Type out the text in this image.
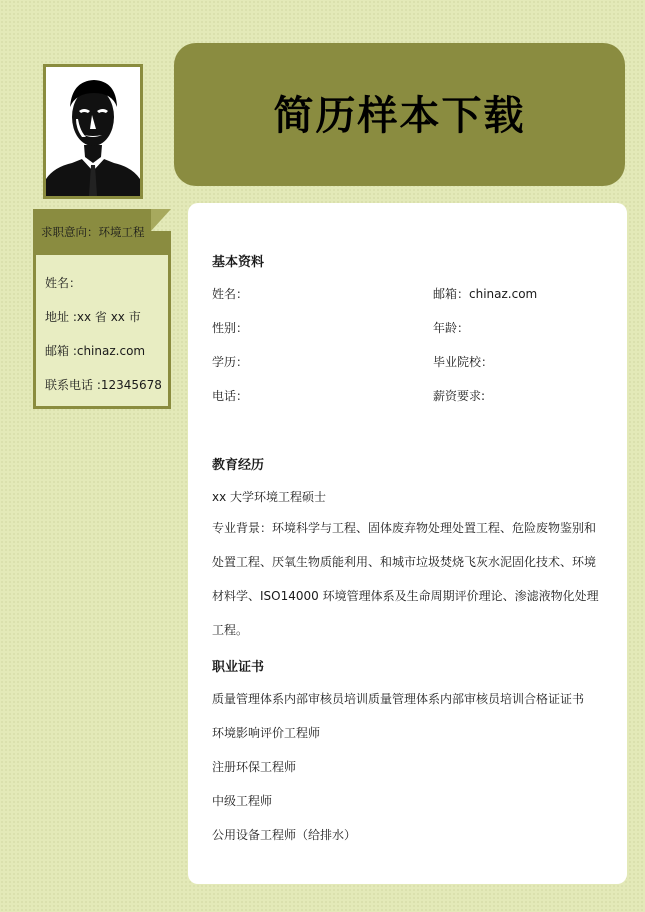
简历样本下载
求职意向：环境工程
姓名：
地址 :xx 省 xx 市
邮箱 :chinaz.com
联系电话 :12345678
基本资料
姓名：
性别：
学历：
电话：
邮箱：chinaz.com
年龄：
毕业院校：
薪资要求:
教育经历
xx 大学环境工程硕士
专业背景：环境科学与工程、固体废弃物处理处置工程、危险废物鉴别和处置工程、厌氧生物质能利用、和城市垃圾焚烧飞灰水泥固化技术、环境材料学、ISO14000 环境管理体系及生命周期评价理论、渗滤液物化处理工程。
职业证书
质量管理体系内部审核员培训质量管理体系内部审核员培训合格证证书
环境影响评价工程师
注册环保工程师
中级工程师
公用设备工程师（给排水）
